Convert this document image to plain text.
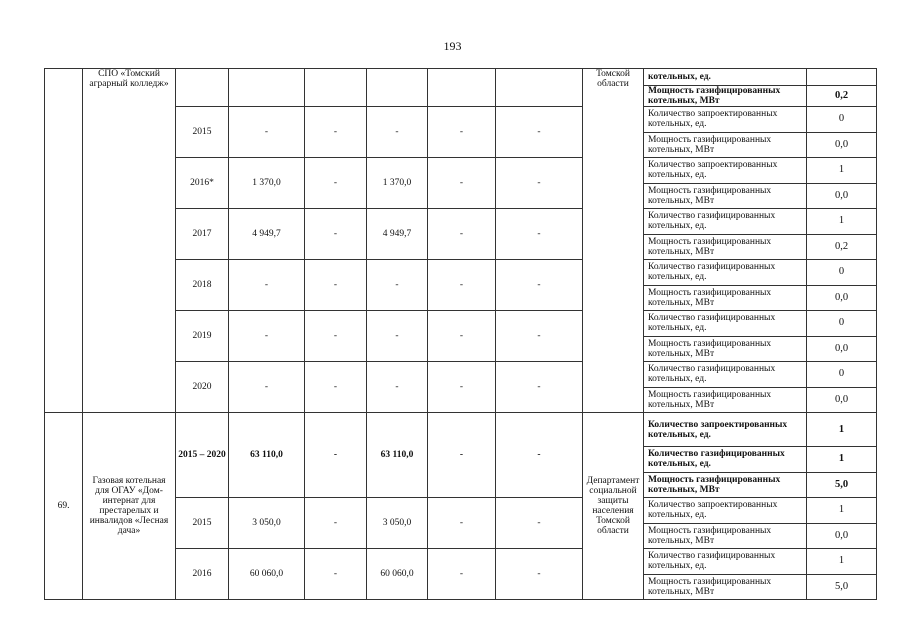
193
	СПО «Томский аграрный колледж»							Томской области	котельных, ед.	
									Мощность газифицированных котельных, МВт	0,2
		2015	-	-	-	-	-		Количество запроектированных котельных, ед.	0
									Мощность газифицированных котельных, МВт	0,0
		2016*	1 370,0	-	1 370,0	-	-		Количество запроектированных котельных, ед.	1
									Мощность газифицированных котельных, МВт	0,0
		2017	4 949,7	-	4 949,7	-	-		Количество газифицированных котельных, ед.	1
									Мощность газифицированных котельных, МВт	0,2
		2018	-	-	-	-	-		Количество газифицированных котельных, ед.	0
									Мощность газифицированных котельных, МВт	0,0
		2019	-	-	-	-	-		Количество газифицированных котельных, ед.	0
									Мощность газифицированных котельных, МВт	0,0
		2020	-	-	-	-	-		Количество газифицированных котельных, ед.	0
									Мощность газифицированных котельных, МВт	0,0
69.	Газовая котельная для ОГАУ «Дом-интернат для престарелых и инвалидов «Лесная дача»	2015 – 2020	63 110,0	-	63 110,0	-	-	Департамент социальной защиты населения Томской области	Количество запроектированных котельных, ед.	1
									Количество газифицированных котельных, ед.	1
									Мощность газифицированных котельных, МВт	5,0
		2015	3 050,0	-	3 050,0	-	-		Количество запроектированных котельных, ед.	1
									Мощность газифицированных котельных, МВт	0,0
		2016	60 060,0	-	60 060,0	-	-		Количество газифицированных котельных, ед.	1
									Мощность газифицированных котельных, МВт	5,0
